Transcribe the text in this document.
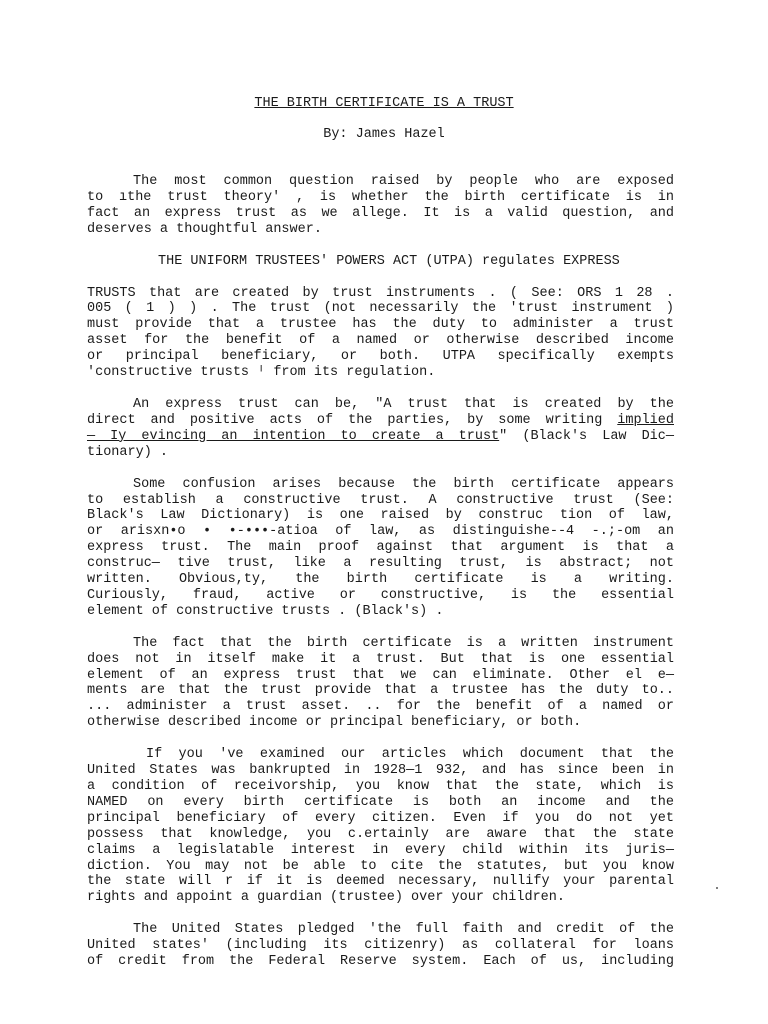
THE BIRTH CERTIFICATE IS A TRUST
By: James Hazel
The most common question raised by people who are exposed
to ıthe trust theory' , is whether the birth certificate is in
fact an express trust as we allege. It is a valid question, and
deserves a thoughtful answer.
THE UNIFORM TRUSTEES' POWERS ACT (UTPA) regulates EXPRESS
TRUSTS that are created by trust instruments . ( See: ORS 1 28 .
005 ( 1 ) ) . The trust (not necessarily the 'trust instrument )
must provide that a trustee has the duty to administer a trust
asset for the benefit of a named or otherwise described income
or principal beneficiary, or both. UTPA specifically exempts
'constructive trusts ᴵ from its regulation.
An express trust can be, "A trust that is created by the
direct and positive acts of the parties, by some writing implied
— Iy evincing an intention to create a trust" (Black's Law Dic—
tionary) .
Some confusion arises because the birth certificate appears
to establish a constructive trust. A constructive trust (See:
Black's Law Dictionary) is one raised by construc tion of law,
or arisxn•o • •-•••-atioa of law, as distinguishe--4 -.;-om an
express trust. The main proof against that argument is that a
construc— tive trust, like a resulting trust, is abstract; not
written. Obvious,ty, the birth certificate is a writing.
Curiously, fraud, active or constructive, is the essential
element of constructive trusts . (Black's) .
The fact that the birth certificate is a written instrument
does not in itself make it a trust. But that is one essential
element of an express trust that we can eliminate. Other el e—
ments are that the trust provide that a trustee has the duty to..
... administer a trust asset. .. for the benefit of a named or
otherwise described income or principal beneficiary, or both.
If you 've examined our articles which document that the
United States was bankrupted in 1928—1 932, and has since been in
a condition of receivorship, you know that the state, which is
NAMED on every birth certificate is both an income and the
principal beneficiary of every citizen. Even if you do not yet
possess that knowledge, you c.ertainly are aware that the state
claims a legislatable interest in every child within its juris—
diction. You may not be able to cite the statutes, but you know
the state will r if it is deemed necessary, nullify your parental
rights and appoint a guardian (trustee) over your children.
The United States pledged 'the full faith and credit of the
United states' (including its citizenry) as collateral for loans
of credit from the Federal Reserve system. Each of us, including
